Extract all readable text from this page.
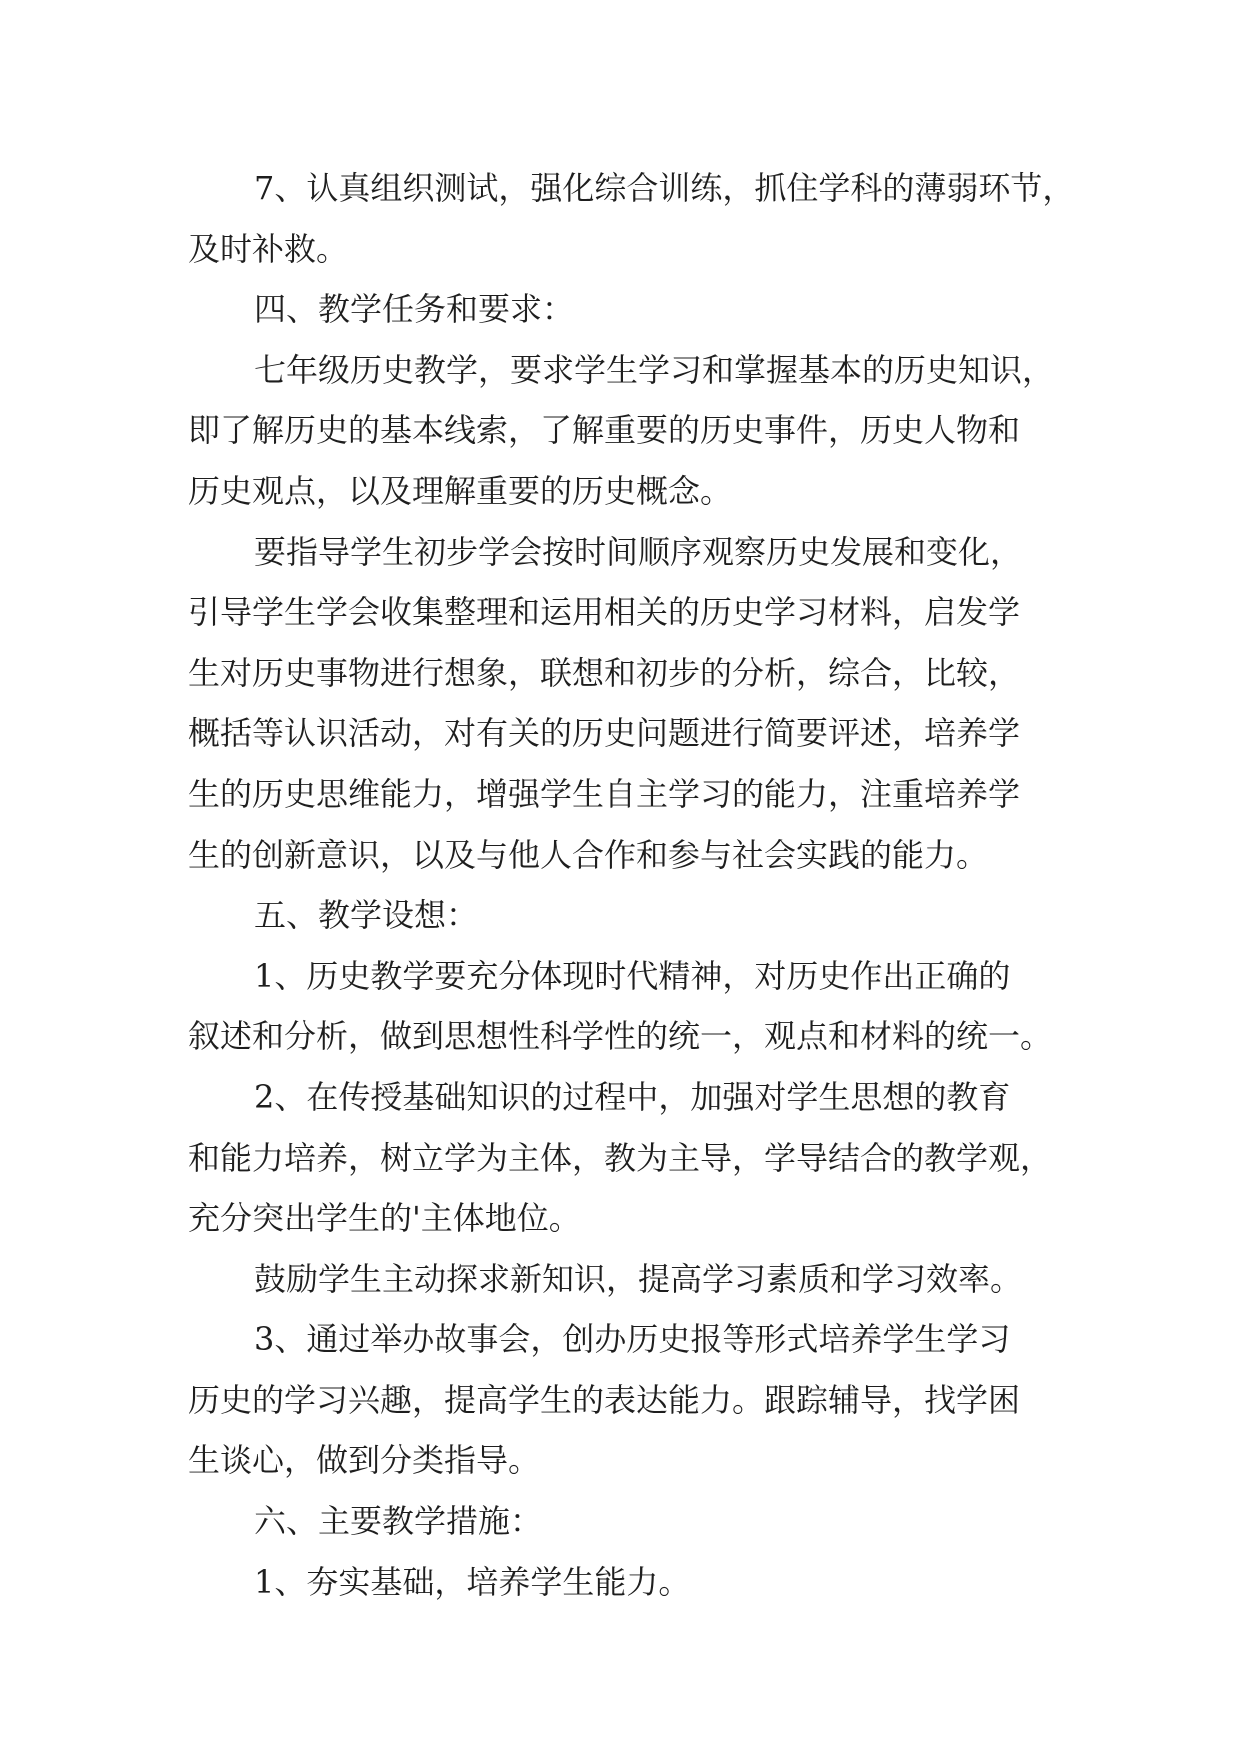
7、认真组织测试，强化综合训练，抓住学科的薄弱环节，
及时补救。

四、教学任务和要求：

七年级历史教学，要求学生学习和掌握基本的历史知识，
即了解历史的基本线索，了解重要的历史事件，历史人物和
历史观点，以及理解重要的历史概念。

要指导学生初步学会按时间顺序观察历史发展和变化，
引导学生学会收集整理和运用相关的历史学习材料，启发学
生对历史事物进行想象，联想和初步的分析，综合，比较，
概括等认识活动，对有关的历史问题进行简要评述，培养学
生的历史思维能力，增强学生自主学习的能力，注重培养学
生的创新意识，以及与他人合作和参与社会实践的能力。

五、教学设想：

1、历史教学要充分体现时代精神，对历史作出正确的
叙述和分析，做到思想性科学性的统一，观点和材料的统一。

2、在传授基础知识的过程中，加强对学生思想的教育
和能力培养，树立学为主体，教为主导，学导结合的教学观，
充分突出学生的'主体地位。

鼓励学生主动探求新知识，提高学习素质和学习效率。

3、通过举办故事会，创办历史报等形式培养学生学习
历史的学习兴趣，提高学生的表达能力。跟踪辅导，找学困
生谈心，做到分类指导。

六、主要教学措施：

1、夯实基础，培养学生能力。
